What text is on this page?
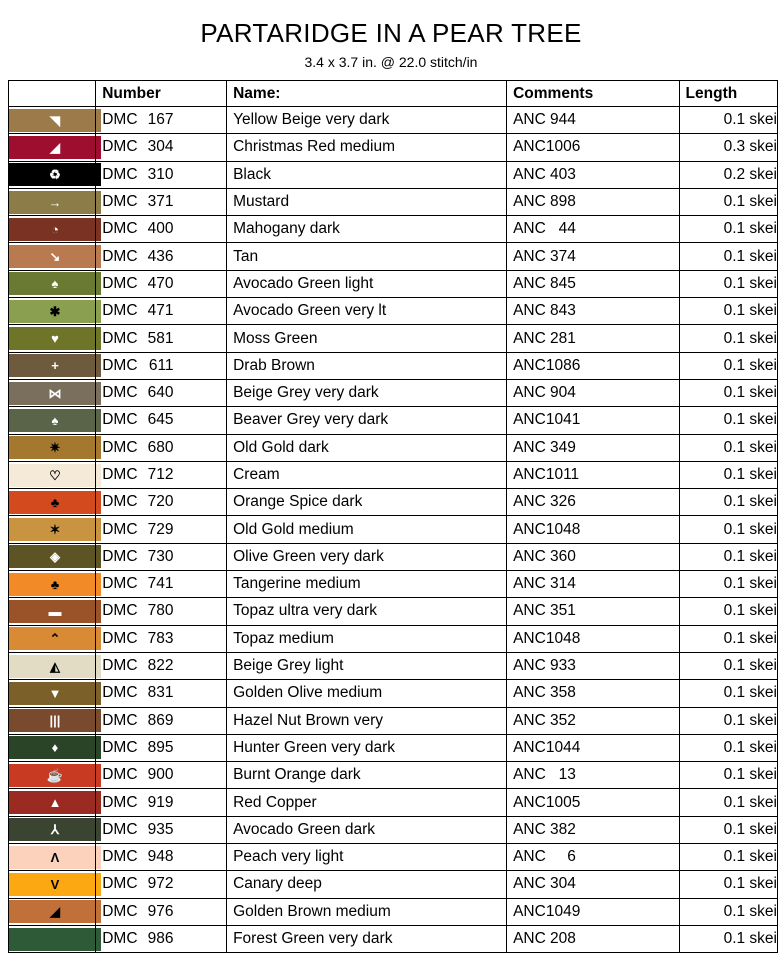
PARTARIDGE IN A PEAR TREE
3.4 x 3.7 in. @ 22.0 stitch/in
	Number	Name:	Comments	Length

◥	DMC 167	Yellow Beige very dark	ANC 944	0.1 skei

◢	DMC 304	Christmas Red medium	ANC1006	0.3 skei

♻	DMC 310	Black	ANC 403	0.2 skei

→	DMC 371	Mustard	ANC 898	0.1 skei

◔	DMC 400	Mahogany dark	ANC 44	0.1 skei

↘	DMC 436	Tan	ANC 374	0.1 skei

♠	DMC 470	Avocado Green light	ANC 845	0.1 skei

✱	DMC 471	Avocado Green very lt	ANC 843	0.1 skei

♥	DMC 581	Moss Green	ANC 281	0.1 skei

+	DMC 611	Drab Brown	ANC1086	0.1 skei

⋈	DMC 640	Beige Grey very dark	ANC 904	0.1 skei

♠	DMC 645	Beaver Grey very dark	ANC1041	0.1 skei

✷	DMC 680	Old Gold dark	ANC 349	0.1 skei

♡	DMC 712	Cream	ANC1011	0.1 skei

♣	DMC 720	Orange Spice dark	ANC 326	0.1 skei

✶	DMC 729	Old Gold medium	ANC1048	0.1 skei

◈	DMC 730	Olive Green very dark	ANC 360	0.1 skei

♣	DMC 741	Tangerine medium	ANC 314	0.1 skei

▬	DMC 780	Topaz ultra very dark	ANC 351	0.1 skei

⌃	DMC 783	Topaz medium	ANC1048	0.1 skei

◭	DMC 822	Beige Grey light	ANC 933	0.1 skei

▼	DMC 831	Golden Olive medium	ANC 358	0.1 skei

|||	DMC 869	Hazel Nut Brown very	ANC 352	0.1 skei

♦	DMC 895	Hunter Green very dark	ANC1044	0.1 skei

☕	DMC 900	Burnt Orange dark	ANC 13	0.1 skei

▲	DMC 919	Red Copper	ANC1005	0.1 skei

⅄	DMC 935	Avocado Green dark	ANC 382	0.1 skei

Λ	DMC 948	Peach very light	ANC 6	0.1 skei

V	DMC 972	Canary deep	ANC 304	0.1 skei

◢	DMC 976	Golden Brown medium	ANC1049	0.1 skei

	DMC 986	Forest Green very dark	ANC 208	0.1 skei
